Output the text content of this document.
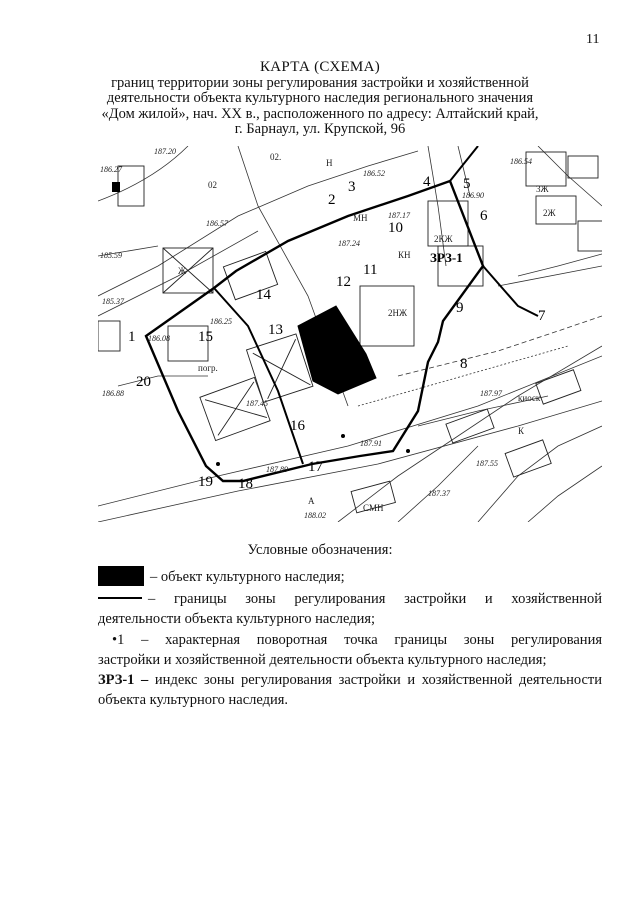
11
КАРТА (СХЕМА)
границ территории зоны регулирования застройки и хозяйственной
деятельности объекта культурного наследия регионального значения
«Дом жилой», нач. XX в., расположенного по адресу: Алтайский край,
г. Барнаул, ул. Крупской, 96
1
2
3	4 5
6
7
8
9
10
11
12
13
14
15
16
17
18
19
20
ЗРЗ-1
187.20
186.27
185.59
185.37
186.08
186.88
186.57
186.25
187.45
186.52
187.24
187.17
186.54
186.90
187.89
187.91
187.55
187.97
187.37
188.02
Ж
Н
КН
МН
СМН
А
2Ж
3Ж
2КЖ
2НЖ
погр.
киоск
К
02.
02
Условные обозначения:
– объект культурного наследия;
– границы зоны регулирования застройки и хозяйственной
деятельности объекта культурного наследия;
•1 – характерная поворотная точка границы зоны регулирования
застройки и хозяйственной деятельности объекта культурного наследия;
ЗРЗ-1 – индекс зоны регулирования застройки и хозяйственной деятельности
объекта культурного наследия.
